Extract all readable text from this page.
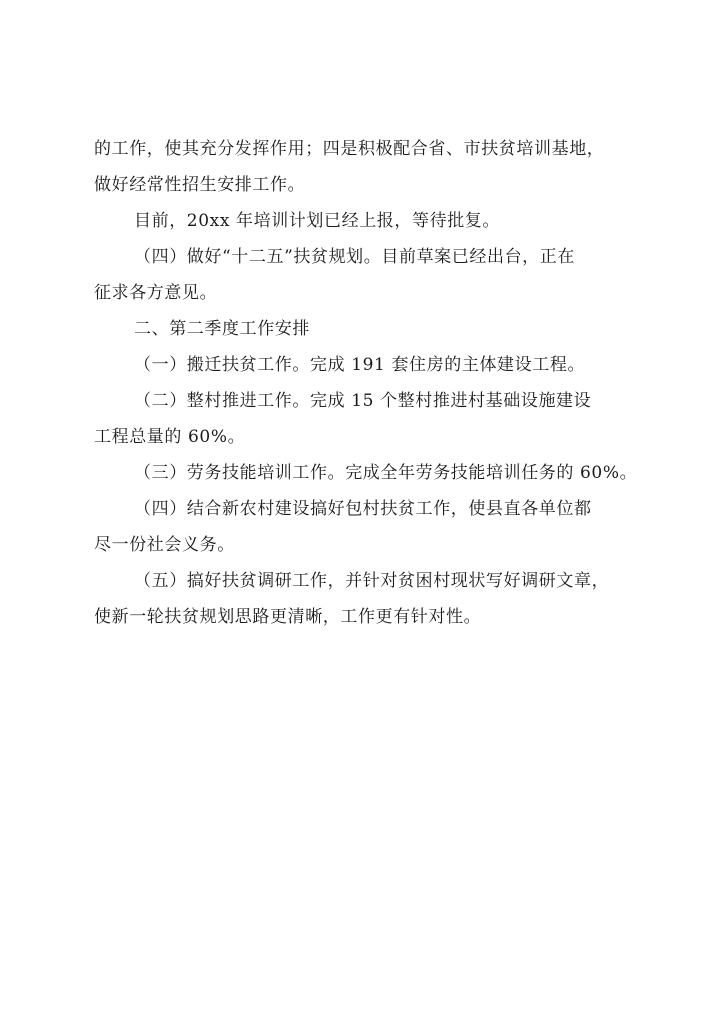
的工作，使其充分发挥作用；四是积极配合省、市扶贫培训基地，
做好经常性招生安排工作。
目前，20xx 年培训计划已经上报，等待批复。
（四）做好“十二五”扶贫规划。目前草案已经出台，正在
征求各方意见。
二、第二季度工作安排
（一）搬迁扶贫工作。完成 191 套住房的主体建设工程。
（二）整村推进工作。完成 15 个整村推进村基础设施建设
工程总量的 60%。
（三）劳务技能培训工作。完成全年劳务技能培训任务的 60%。
（四）结合新农村建设搞好包村扶贫工作，使县直各单位都
尽一份社会义务。
（五）搞好扶贫调研工作，并针对贫困村现状写好调研文章，
使新一轮扶贫规划思路更清晰，工作更有针对性。
